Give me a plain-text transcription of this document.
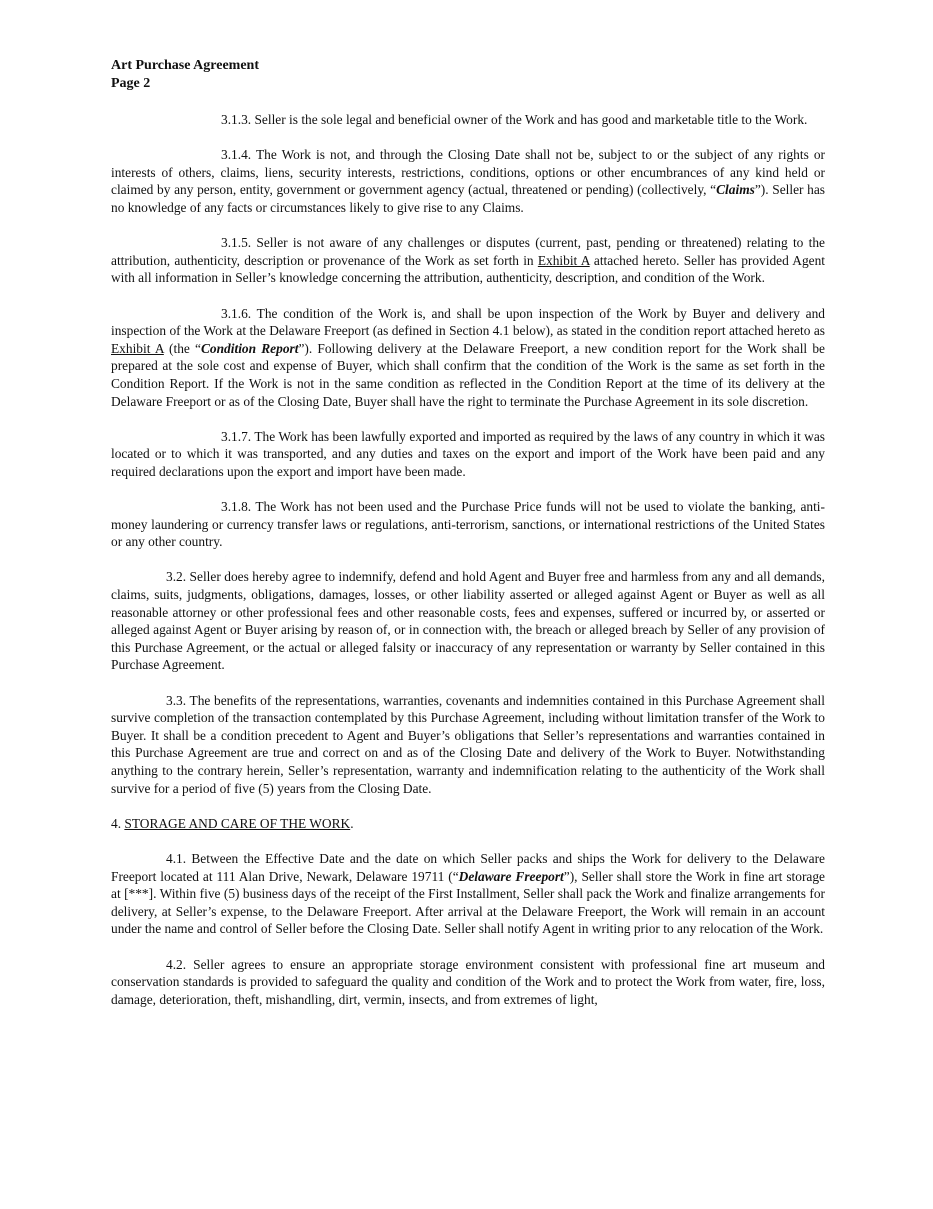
Art Purchase Agreement
Page 2

3.1.3. Seller is the sole legal and beneficial owner of the Work and has good and marketable title to the Work.

3.1.4. The Work is not, and through the Closing Date shall not be, subject to or the subject of any rights or interests of others, claims, liens, security interests, restrictions, conditions, options or other encumbrances of any kind held or claimed by any person, entity, government or government agency (actual, threatened or pending) (collectively, “Claims”). Seller has no knowledge of any facts or circumstances likely to give rise to any Claims.

3.1.5. Seller is not aware of any challenges or disputes (current, past, pending or threatened) relating to the attribution, authenticity, description or provenance of the Work as set forth in Exhibit A attached hereto. Seller has provided Agent with all information in Seller’s knowledge concerning the attribution, authenticity, description, and condition of the Work.

3.1.6. The condition of the Work is, and shall be upon inspection of the Work by Buyer and delivery and inspection of the Work at the Delaware Freeport (as defined in Section 4.1 below), as stated in the condition report attached hereto as Exhibit A (the “Condition Report”). Following delivery at the Delaware Freeport, a new condition report for the Work shall be prepared at the sole cost and expense of Buyer, which shall confirm that the condition of the Work is the same as set forth in the Condition Report. If the Work is not in the same condition as reflected in the Condition Report at the time of its delivery at the Delaware Freeport or as of the Closing Date, Buyer shall have the right to terminate the Purchase Agreement in its sole discretion.

3.1.7. The Work has been lawfully exported and imported as required by the laws of any country in which it was located or to which it was transported, and any duties and taxes on the export and import of the Work have been paid and any required declarations upon the export and import have been made.

3.1.8. The Work has not been used and the Purchase Price funds will not be used to violate the banking, anti-money laundering or currency transfer laws or regulations, anti-terrorism, sanctions, or international restrictions of the United States or any other country.

3.2. Seller does hereby agree to indemnify, defend and hold Agent and Buyer free and harmless from any and all demands, claims, suits, judgments, obligations, damages, losses, or other liability asserted or alleged against Agent or Buyer as well as all reasonable attorney or other professional fees and other reasonable costs, fees and expenses, suffered or incurred by, or asserted or alleged against Agent or Buyer arising by reason of, or in connection with, the breach or alleged breach by Seller of any provision of this Purchase Agreement, or the actual or alleged falsity or inaccuracy of any representation or warranty by Seller contained in this Purchase Agreement.

3.3. The benefits of the representations, warranties, covenants and indemnities contained in this Purchase Agreement shall survive completion of the transaction contemplated by this Purchase Agreement, including without limitation transfer of the Work to Buyer. It shall be a condition precedent to Agent and Buyer’s obligations that Seller’s representations and warranties contained in this Purchase Agreement are true and correct on and as of the Closing Date and delivery of the Work to Buyer. Notwithstanding anything to the contrary herein, Seller’s representation, warranty and indemnification relating to the authenticity of the Work shall survive for a period of five (5) years from the Closing Date.

4. STORAGE AND CARE OF THE WORK.

4.1. Between the Effective Date and the date on which Seller packs and ships the Work for delivery to the Delaware Freeport located at 111 Alan Drive, Newark, Delaware 19711 (“Delaware Freeport”), Seller shall store the Work in fine art storage at [***]. Within five (5) business days of the receipt of the First Installment, Seller shall pack the Work and finalize arrangements for delivery, at Seller’s expense, to the Delaware Freeport. After arrival at the Delaware Freeport, the Work will remain in an account under the name and control of Seller before the Closing Date. Seller shall notify Agent in writing prior to any relocation of the Work.

4.2. Seller agrees to ensure an appropriate storage environment consistent with professional fine art museum and conservation standards is provided to safeguard the quality and condition of the Work and to protect the Work from water, fire, loss, damage, deterioration, theft, mishandling, dirt, vermin, insects, and from extremes of light,
